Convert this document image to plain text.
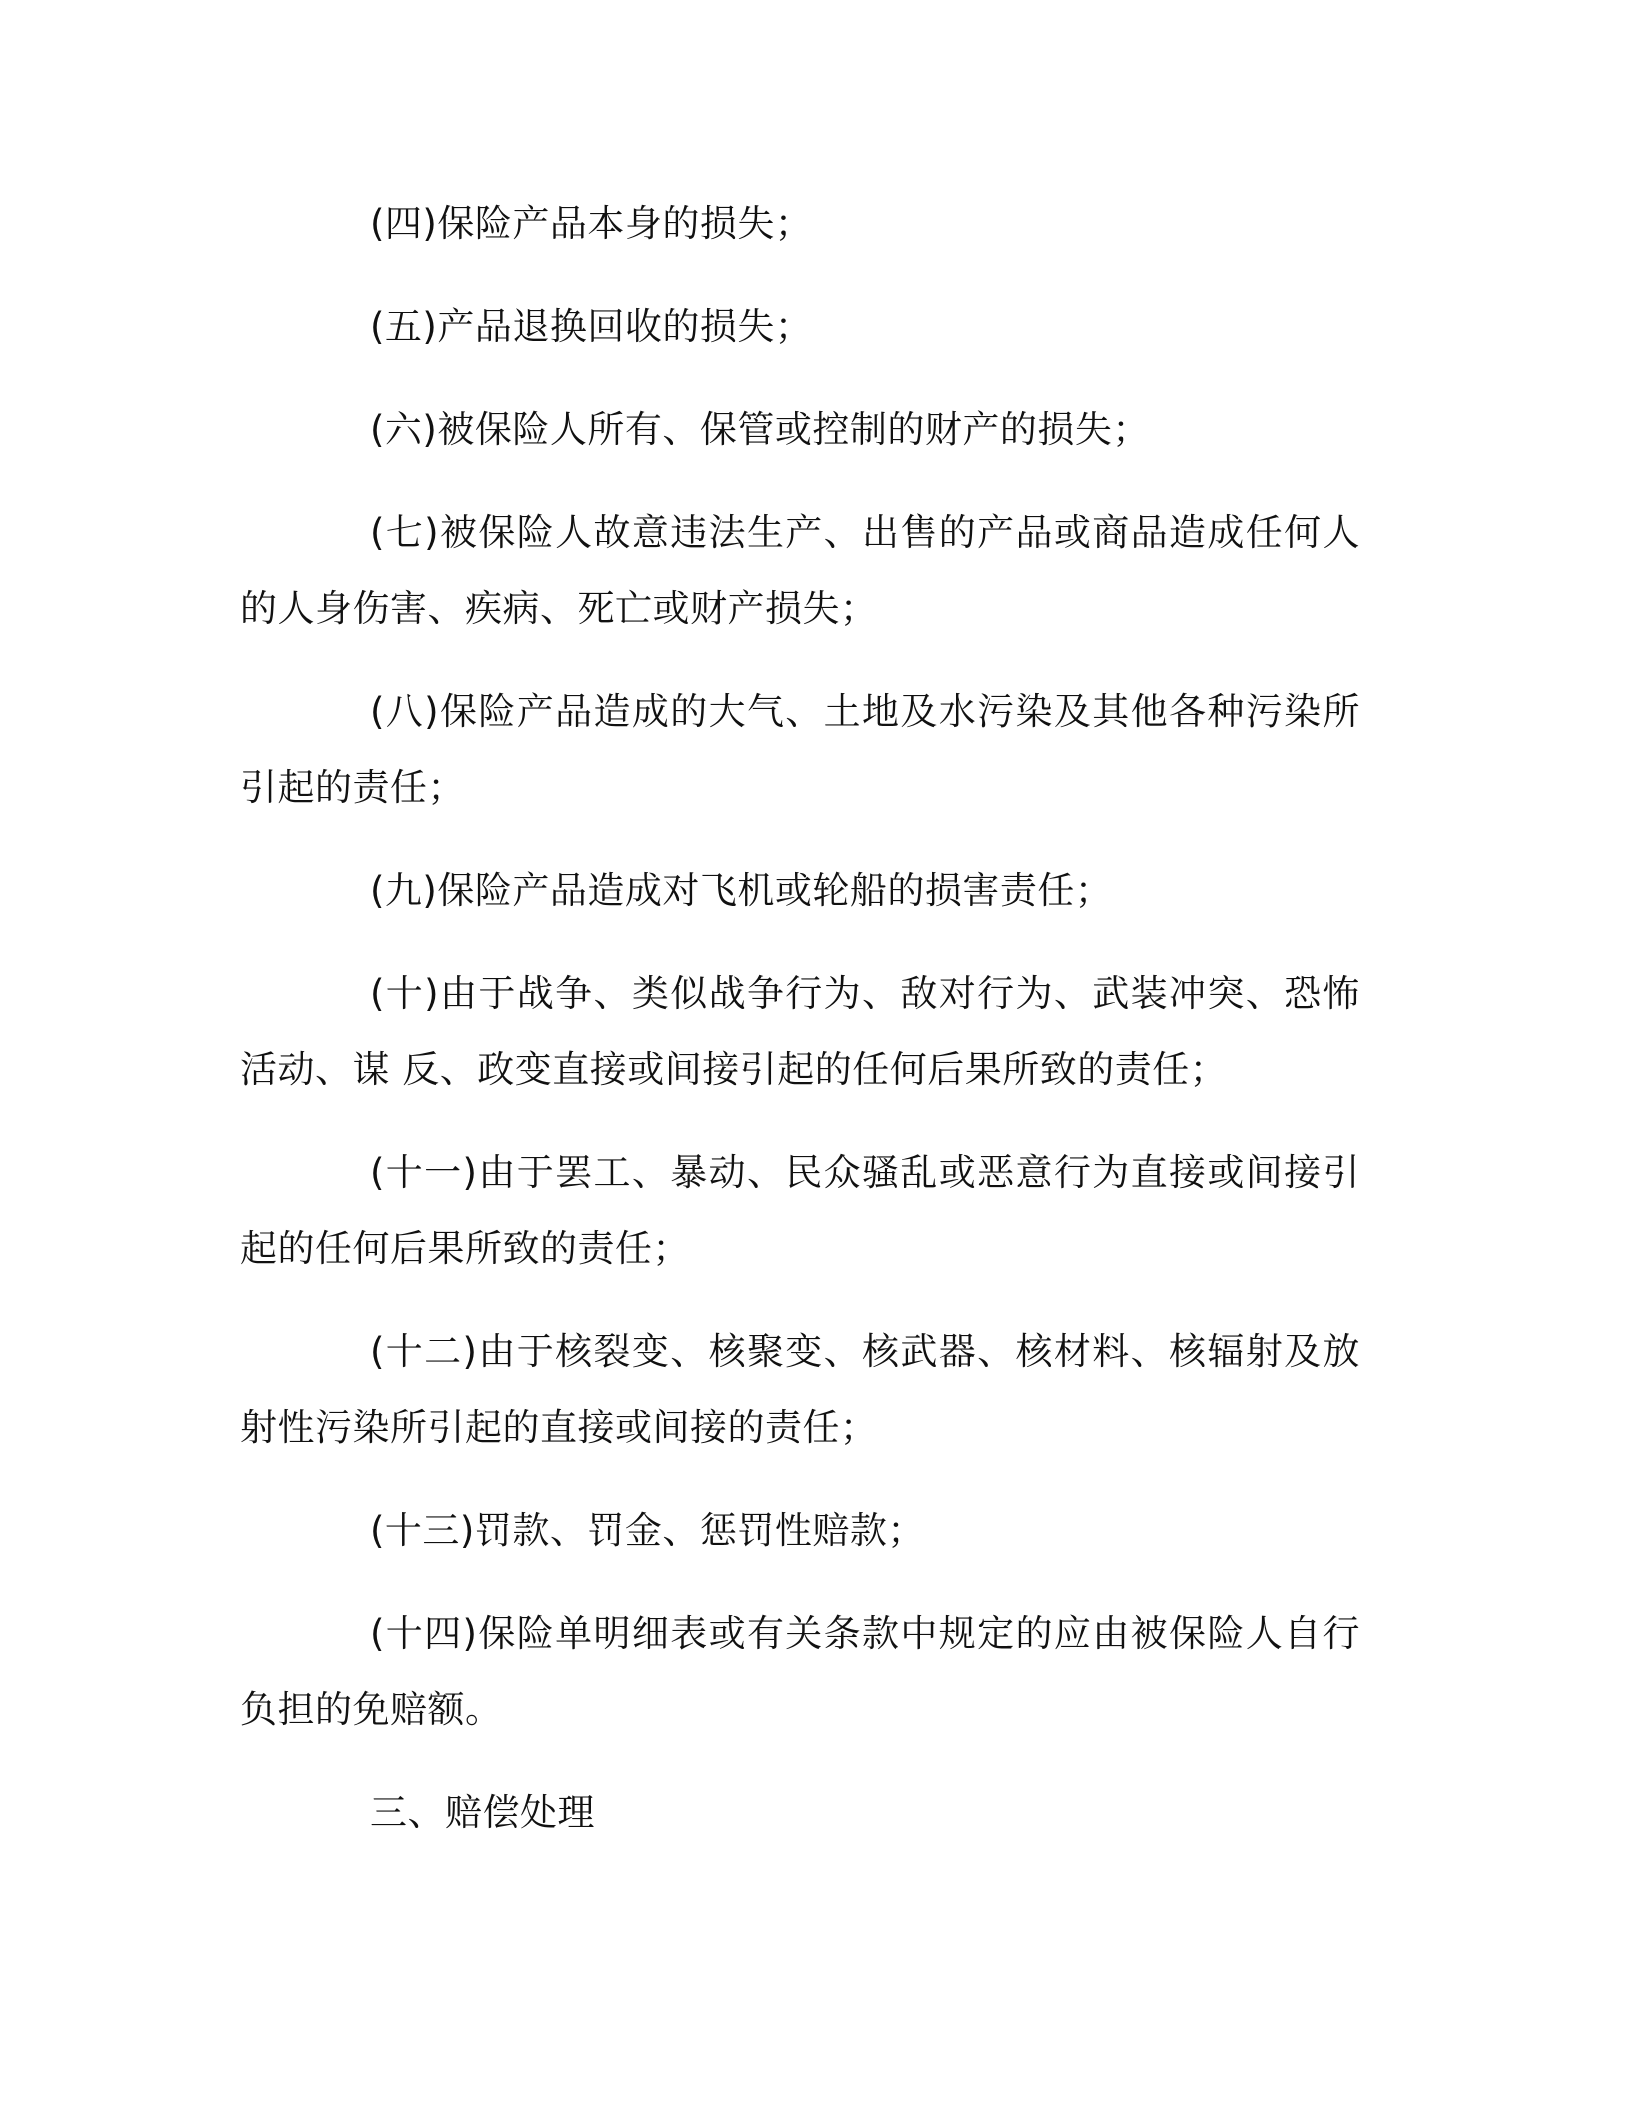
(四)保险产品本身的损失；

(五)产品退换回收的损失；

(六)被保险人所有、保管或控制的财产的损失；

(七)被保险人故意违法生产、出售的产品或商品造成任何人的人身伤害、疾病、死亡或财产损失；

(八)保险产品造成的大气、土地及水污染及其他各种污染所引起的责任；

(九)保险产品造成对飞机或轮船的损害责任；

(十)由于战争、类似战争行为、敌对行为、武装冲突、恐怖活动、谋 反、政变直接或间接引起的任何后果所致的责任；

(十一)由于罢工、暴动、民众骚乱或恶意行为直接或间接引起的任何后果所致的责任；

(十二)由于核裂变、核聚变、核武器、核材料、核辐射及放射性污染所引起的直接或间接的责任；

(十三)罚款、罚金、惩罚性赔款；

(十四)保险单明细表或有关条款中规定的应由被保险人自行负担的免赔额。

三、赔偿处理
